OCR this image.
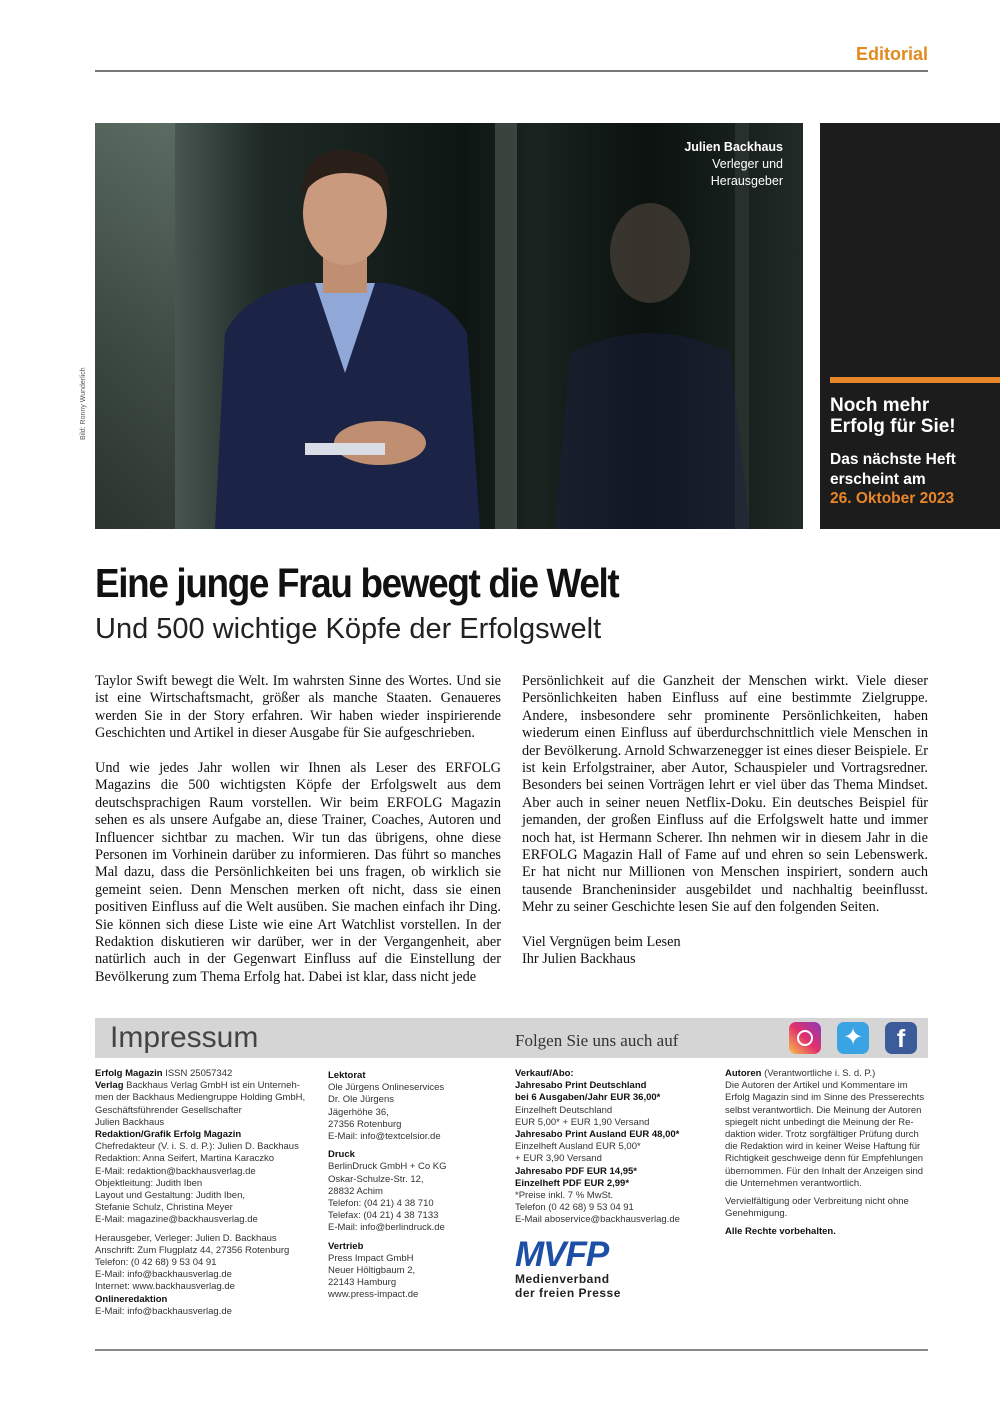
Editorial
Julien Backhaus
Verleger und
Herausgeber
Bild: Ronny Wunderlich	Noch mehr
Erfolg für Sie!
Das nächste Heft
erscheint am
26. Oktober 2023
Eine junge Frau bewegt die Welt
Und 500 wichtige Köpfe der Erfolgswelt

Taylor Swift bewegt die Welt. Im wahrsten Sinne des Wortes. Und sie ist eine Wirtschaftsmacht, größer als manche Staaten. Genaueres werden Sie in der Story erfahren. Wir haben wieder inspirierende Geschichten und Artikel in dieser Ausgabe für Sie aufgeschrieben.

Und wie jedes Jahr wollen wir Ihnen als Leser des ERFOLG Magazins die 500 wichtigsten Köpfe der Erfolgswelt aus dem deutschsprachigen Raum vorstellen. Wir beim ERFOLG Magazin sehen es als unsere Aufgabe an, diese Trainer, Coaches, Autoren und Influencer sichtbar zu machen. Wir tun das übrigens, ohne diese Personen im Vorhinein darüber zu informieren. Das führt so manches Mal dazu, dass die Persönlichkeiten bei uns fragen, ob wirklich sie gemeint seien. Denn Menschen merken oft nicht, dass sie einen positiven Einfluss auf die Welt ausüben. Sie machen einfach ihr Ding. Sie können sich diese Liste wie eine Art Watchlist vorstellen. In der Redaktion diskutieren wir darüber, wer in der Vergangenheit, aber natürlich auch in der Gegenwart Einfluss auf die Einstellung der Bevölkerung zum Thema Erfolg hat. Dabei ist klar, dass nicht jede

Persönlichkeit auf die Ganzheit der Menschen wirkt. Viele dieser Persönlichkeiten haben Einfluss auf eine bestimmte Zielgruppe. Andere, insbesondere sehr prominente Persönlichkeiten, haben wiederum einen Einfluss auf überdurchschnittlich viele Menschen in der Bevölkerung. Arnold Schwarzenegger ist eines dieser Beispiele. Er ist kein Erfolgstrainer, aber Autor, Schauspieler und Vortragsredner. Besonders bei seinen Vorträgen lehrt er viel über das Thema Mindset. Aber auch in seiner neuen Netflix-Doku. Ein deutsches Beispiel für jemanden, der großen Einfluss auf die Erfolgswelt hatte und immer noch hat, ist Hermann Scherer. Ihn nehmen wir in diesem Jahr in die ERFOLG Magazin Hall of Fame auf und ehren so sein Lebenswerk. Er hat nicht nur Millionen von Menschen inspiriert, sondern auch tausende Brancheninsider ausgebildet und nachhaltig beeinflusst. Mehr zu seiner Geschichte lesen Sie auf den folgenden Seiten.

Viel Vergnügen beim Lesen
Ihr Julien Backhaus
Impressum	Folgen Sie uns auch auf	✦	f
Erfolg Magazin ISSN 25057342
Verlag Backhaus Verlag GmbH ist ein Unterneh-
men der Backhaus Mediengruppe Holding GmbH,
Geschäftsführender Gesellschafter
Julien Backhaus
Redaktion/Grafik Erfolg Magazin
Chefredakteur (V. i. S. d. P.): Julien D. Backhaus
Redaktion: Anna Seifert, Martina Karaczko
E-Mail: redaktion@backhausverlag.de
Objektleitung: Judith Iben
Layout und Gestaltung: Judith Iben,
Stefanie Schulz, Christina Meyer
E-Mail: magazine@backhausverlag.de
Herausgeber, Verleger: Julien D. Backhaus
Anschrift: Zum Flugplatz 44, 27356 Rotenburg
Telefon: (0 42 68) 9 53 04 91
E-Mail: info@backhausverlag.de
Internet: www.backhausverlag.de
Onlineredaktion
E-Mail: info@backhausverlag.de
Lektorat
Ole Jürgens Onlineservices
Dr. Ole Jürgens
Jägerhöhe 36,
27356 Rotenburg
E-Mail: info@textcelsior.de
Druck
BerlinDruck GmbH + Co KG
Oskar-Schulze-Str. 12,
28832 Achim
Telefon: (04 21) 4 38 710
Telefax: (04 21) 4 38 7133
E-Mail: info@berlindruck.de
Vertrieb
Press Impact GmbH
Neuer Höltigbaum 2,
22143 Hamburg
www.press-impact.de
Verkauf/Abo:
Jahresabo Print Deutschland
bei 6 Ausgaben/Jahr EUR 36,00*
Einzelheft Deutschland
EUR 5,00* + EUR 1,90 Versand
Jahresabo Print Ausland EUR 48,00*
Einzelheft Ausland EUR 5,00*
+ EUR 3,90 Versand
Jahresabo PDF EUR 14,95*
Einzelheft PDF EUR 2,99*
*Preise inkl. 7 % MwSt.
Telefon (0 42 68) 9 53 04 91
E-Mail aboservice@backhausverlag.de
MVFP
Medienverband
der freien Presse
Autoren (Verantwortliche i. S. d. P.)
Die Autoren der Artikel und Kommentare im
Erfolg Magazin sind im Sinne des Presserechts
selbst verantwortlich. Die Meinung der Autoren
spiegelt nicht unbedingt die Meinung der Re-
daktion wider. Trotz sorgfältiger Prüfung durch
die Redaktion wird in keiner Weise Haftung für
Richtigkeit geschweige denn für Empfehlungen
übernommen. Für den Inhalt der Anzeigen sind
die Unternehmen verantwortlich.
Vervielfältigung oder Verbreitung nicht ohne
Genehmigung.
Alle Rechte vorbehalten.
